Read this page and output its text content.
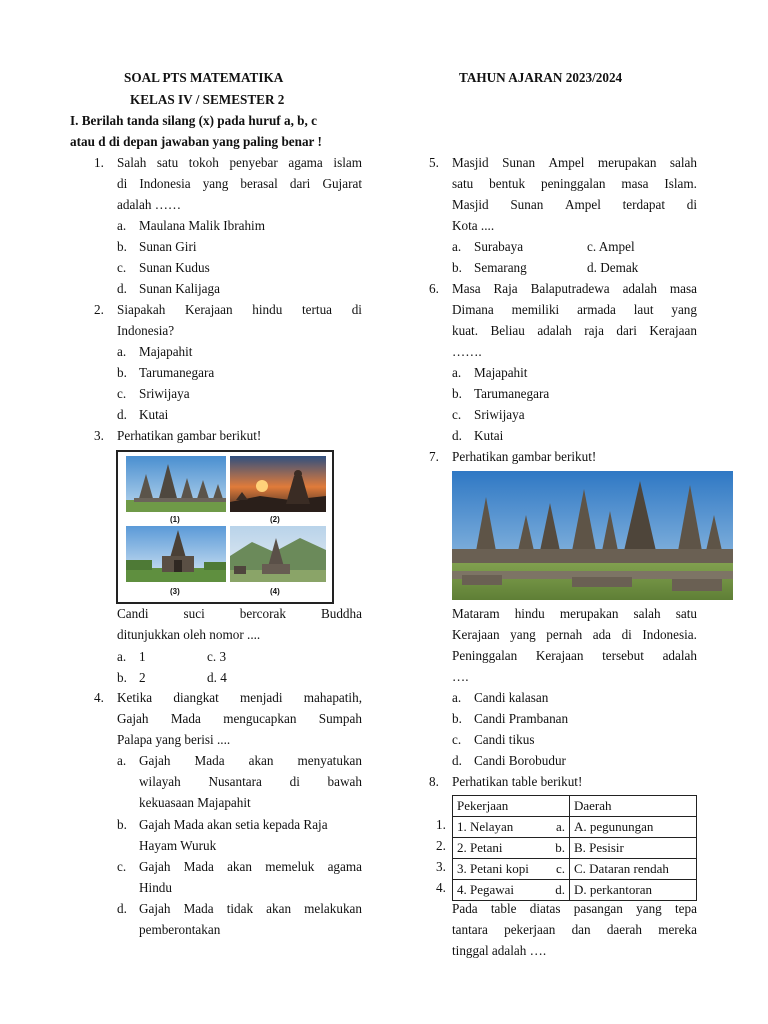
SOAL PTS MATEMATIKA	TAHUN AJARAN 2023/2024
KELAS IV / SEMESTER 2
I. Berilah tanda silang (x) pada huruf a, b, c
atau d di depan jawaban yang paling benar !
1. Salah satu tokoh penyebar agama islam
di Indonesia yang berasal dari Gujarat
adalah ……
a. Maulana Malik Ibrahim
b. Sunan Giri
c. Sunan Kudus
d. Sunan Kalijaga
2. Siapakah Kerajaan hindu tertua di
Indonesia?
a. Majapahit
b. Tarumanegara
c. Sriwijaya
d. Kutai
3. Perhatikan gambar berikut!
(1)	(2)
(3)	(4)
Candi	suci	bercorak	Buddha
ditunjukkan oleh nomor ....
a. 1	c. 3
b. 2	d. 4
4. Ketika diangkat menjadi mahapatih,
Gajah Mada mengucapkan Sumpah
Palapa yang berisi ....
a. Gajah Mada akan menyatukan
wilayah Nusantara di bawah
kekuasaan Majapahit
b. Gajah Mada akan setia kepada Raja
Hayam Wuruk
c. Gajah Mada akan memeluk agama
Hindu
d. Gajah Mada tidak akan melakukan
pemberontakan
5. Masjid Sunan Ampel merupakan salah
satu bentuk peninggalan masa Islam.
Masjid Sunan Ampel terdapat di
Kota ....
a. Surabaya	c. Ampel
b. Semarang	d. Demak
6. Masa Raja Balaputradewa adalah masa
Dimana memiliki armada laut yang
kuat. Beliau adalah raja dari Kerajaan
…….
a. Majapahit
b. Tarumanegara
c. Sriwijaya
d. Kutai
7. Perhatikan gambar berikut!
Mataram hindu merupakan salah satu
Kerajaan yang pernah ada di Indonesia.
Peninggalan Kerajaan tersebut adalah
….
a. Candi kalasan
b. Candi Prambanan
c. Candi tikus
d. Candi Borobudur
8. Perhatikan table berikut!
1.
2.
3.
4.
Pekerjaan	Daerah

1. Nelayan a.	A. pegunungan

2. Petani b.	B. Pesisir

3. Petani kopi c.	C. Dataran rendah

4. Pegawai d.	D. perkantoran
Pada table diatas pasangan yang tepa
tantara pekerjaan dan daerah mereka
tinggal adalah ….
